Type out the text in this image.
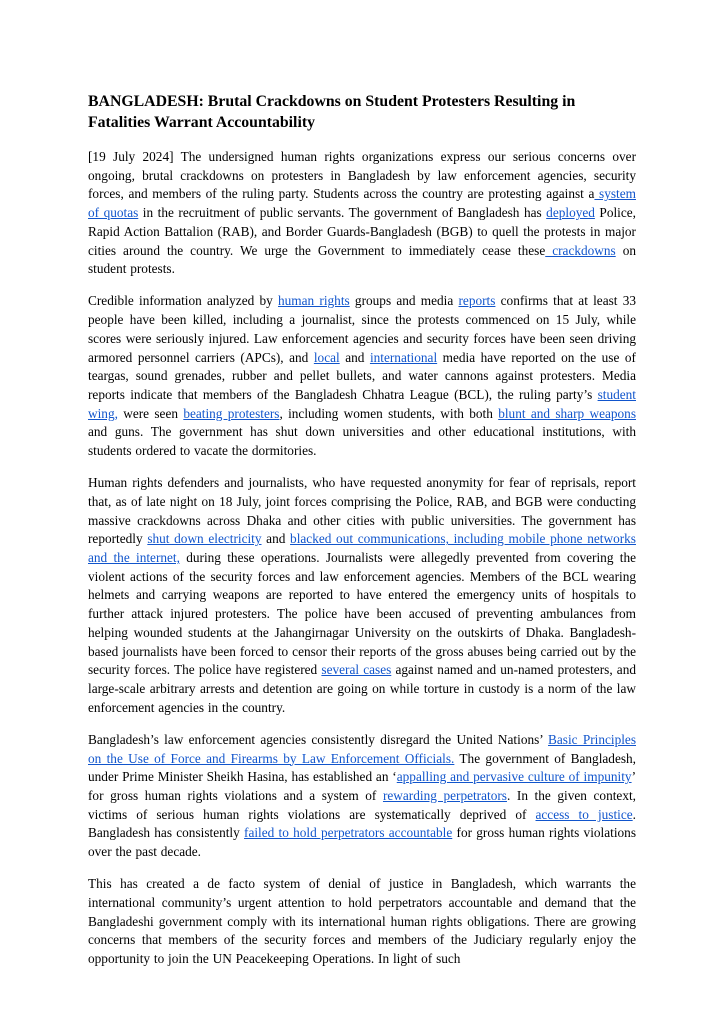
BANGLADESH: Brutal Crackdowns on Student Protesters Resulting in Fatalities Warrant Accountability

[19 July 2024] The undersigned human rights organizations express our serious concerns over ongoing, brutal crackdowns on protesters in Bangladesh by law enforcement agencies, security forces, and members of the ruling party. Students across the country are protesting against a system of quotas in the recruitment of public servants. The government of Bangladesh has deployed Police, Rapid Action Battalion (RAB), and Border Guards-Bangladesh (BGB) to quell the protests in major cities around the country. We urge the Government to immediately cease these crackdowns on student protests.

Credible information analyzed by human rights groups and media reports confirms that at least 33 people have been killed, including a journalist, since the protests commenced on 15 July, while scores were seriously injured. Law enforcement agencies and security forces have been seen driving armored personnel carriers (APCs), and local and international media have reported on the use of teargas, sound grenades, rubber and pellet bullets, and water cannons against protesters. Media reports indicate that members of the Bangladesh Chhatra League (BCL), the ruling party’s student wing, were seen beating protesters, including women students, with both blunt and sharp weapons and guns. The government has shut down universities and other educational institutions, with students ordered to vacate the dormitories.

Human rights defenders and journalists, who have requested anonymity for fear of reprisals, report that, as of late night on 18 July, joint forces comprising the Police, RAB, and BGB were conducting massive crackdowns across Dhaka and other cities with public universities. The government has reportedly shut down electricity and blacked out communications, including mobile phone networks and the internet, during these operations. Journalists were allegedly prevented from covering the violent actions of the security forces and law enforcement agencies. Members of the BCL wearing helmets and carrying weapons are reported to have entered the emergency units of hospitals to further attack injured protesters. The police have been accused of preventing ambulances from helping wounded students at the Jahangirnagar University on the outskirts of Dhaka. Bangladesh-based journalists have been forced to censor their reports of the gross abuses being carried out by the security forces. The police have registered several cases against named and un-named protesters, and large-scale arbitrary arrests and detention are going on while torture in custody is a norm of the law enforcement agencies in the country.

Bangladesh’s law enforcement agencies consistently disregard the United Nations’ Basic Principles on the Use of Force and Firearms by Law Enforcement Officials. The government of Bangladesh, under Prime Minister Sheikh Hasina, has established an ‘appalling and pervasive culture of impunity’ for gross human rights violations and a system of rewarding perpetrators. In the given context, victims of serious human rights violations are systematically deprived of access to justice. Bangladesh has consistently failed to hold perpetrators accountable for gross human rights violations over the past decade.

This has created a de facto system of denial of justice in Bangladesh, which warrants the international community’s urgent attention to hold perpetrators accountable and demand that the Bangladeshi government comply with its international human rights obligations. There are growing concerns that members of the security forces and members of the Judiciary regularly enjoy the opportunity to join the UN Peacekeeping Operations. In light of such
